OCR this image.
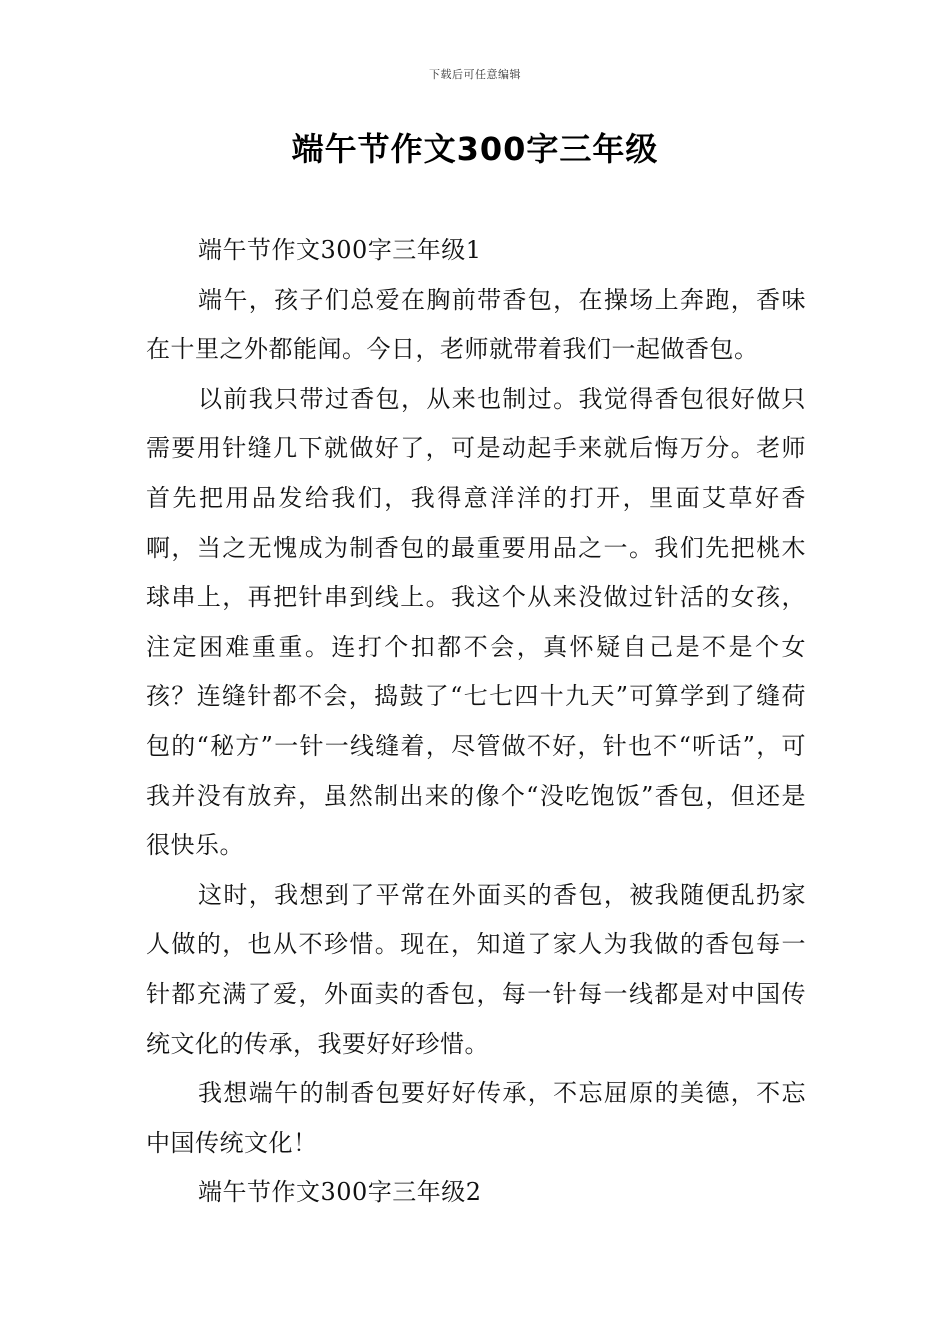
下载后可任意编辑
端午节作文300字三年级

端午节作文300字三年级1

端午，孩子们总爱在胸前带香包，在操场上奔跑，香味在十里之外都能闻。今日，老师就带着我们一起做香包。

以前我只带过香包，从来也制过。我觉得香包很好做只需要用针缝几下就做好了，可是动起手来就后悔万分。老师首先把用品发给我们，我得意洋洋的打开，里面艾草好香啊，当之无愧成为制香包的最重要用品之一。我们先把桃木球串上，再把针串到线上。我这个从来没做过针活的女孩，注定困难重重。连打个扣都不会，真怀疑自己是不是个女孩？连缝针都不会，捣鼓了“七七四十九天”可算学到了缝荷包的“秘方”一针一线缝着，尽管做不好，针也不“听话”，可我并没有放弃，虽然制出来的像个“没吃饱饭”香包，但还是很快乐。

这时，我想到了平常在外面买的香包，被我随便乱扔家人做的，也从不珍惜。现在，知道了家人为我做的香包每一针都充满了爱，外面卖的香包，每一针每一线都是对中国传统文化的传承，我要好好珍惜。

我想端午的制香包要好好传承，不忘屈原的美德，不忘中国传统文化！

端午节作文300字三年级2
